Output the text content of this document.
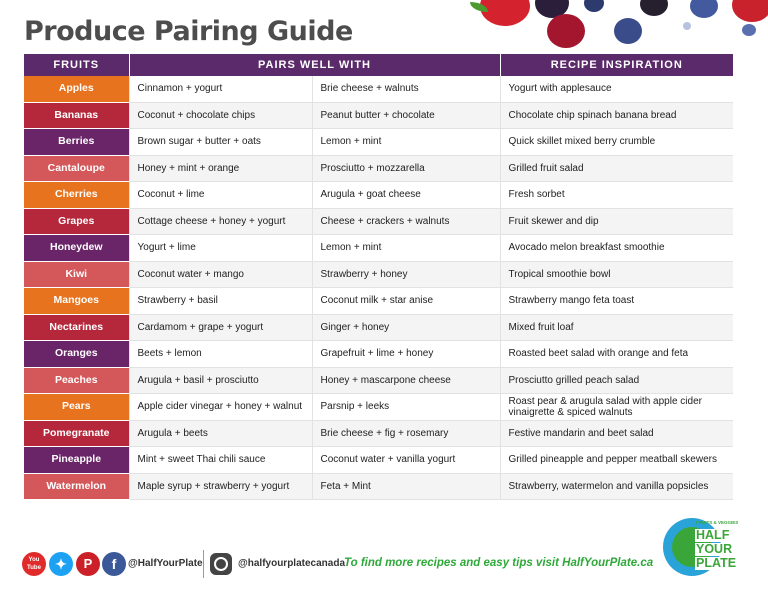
Produce Pairing Guide
FRUITS	PAIRS WELL WITH		RECIPE INSPIRATION
Apples	Cinnamon + yogurt	Brie cheese + walnuts	Yogurt with applesauce
Bananas	Coconut + chocolate chips	Peanut butter + chocolate	Chocolate chip spinach banana bread
Berries	Brown sugar + butter + oats	Lemon + mint	Quick skillet mixed berry crumble
Cantaloupe	Honey + mint + orange	Prosciutto + mozzarella	Grilled fruit salad
Cherries	Coconut + lime	Arugula + goat cheese	Fresh sorbet
Grapes	Cottage cheese + honey + yogurt	Cheese + crackers + walnuts	Fruit skewer and dip
Honeydew	Yogurt + lime	Lemon + mint	Avocado melon breakfast smoothie
Kiwi	Coconut water + mango	Strawberry + honey	Tropical smoothie bowl
Mangoes	Strawberry + basil	Coconut milk + star anise	Strawberry mango feta toast
Nectarines	Cardamom + grape + yogurt	Ginger + honey	Mixed fruit loaf
Oranges	Beets + lemon	Grapefruit + lime + honey	Roasted beet salad with orange and feta
Peaches	Arugula + basil + prosciutto	Honey + mascarpone cheese	Prosciutto grilled peach salad
Pears	Apple cider vinegar + honey + walnut	Parsnip + leeks	Roast pear & arugula salad with apple cider vinaigrette & spiced walnuts
Pomegranate	Arugula + beets	Brie cheese + fig + rosemary	Festive mandarin and beet salad
Pineapple	Mint + sweet Thai chili sauce	Coconut water + vanilla yogurt	Grilled pineapple and pepper meatball skewers
Watermelon	Maple syrup + strawberry + yogurt	Feta + Mint	Strawberry, watermelon and vanilla popsicles
You
Tube	✦	P	f	@HalfYourPlate	@halfyourplatecanada
To find more recipes and easy tips visit HalfYourPlate.ca
FRUITS & VEGGIES
HALF
YOUR
PLATE
